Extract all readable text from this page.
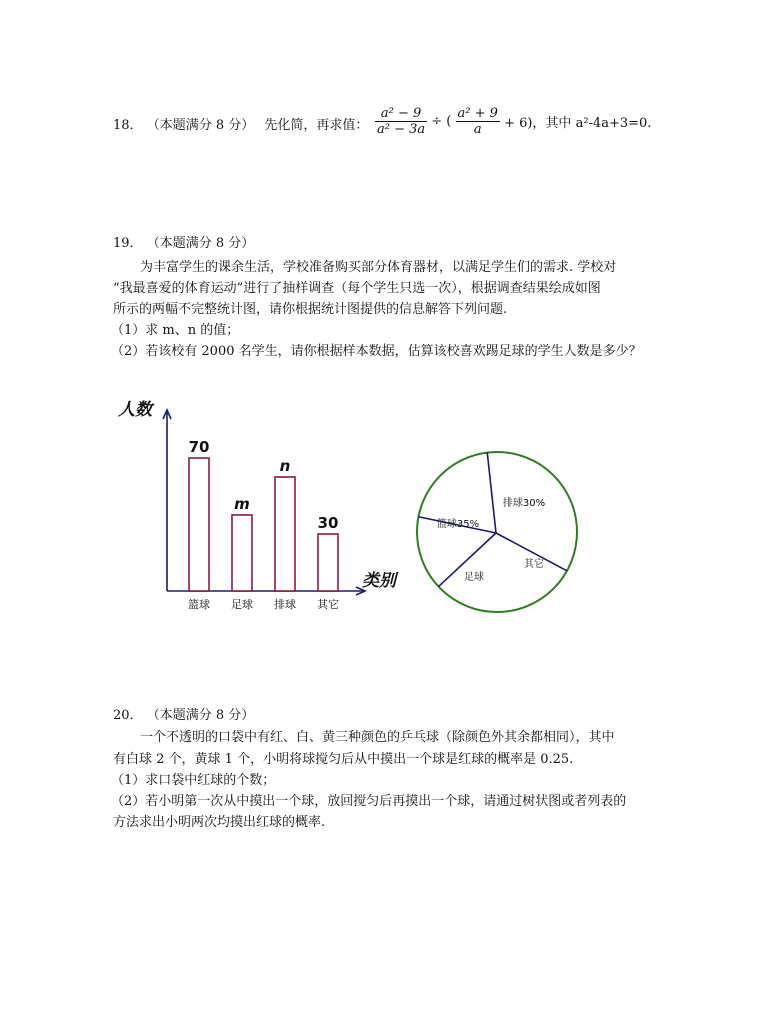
18． （本题满分 8 分） 先化简，再求值： $\frac{\text{a² − 9}}{\text{a² − 3a}}$ ÷ ( $\frac{\text{a² + 9}}{a} + 6$)，其中 a²-4a+3=0.
19． （本题满分 8 分）
为丰富学生的课余生活，学校准备购买部分体育器材，以满足学生们的需求. 学校对
“我最喜爱的体育运动”进行了抽样调查（每个学生只选一次），根据调查结果绘成如图
所示的两幅不完整统计图，请你根据统计图提供的信息解答下列问题.
（1）求 m、n 的值；
（2）若该校有 2000 名学生，请你根据样本数据，估算该校喜欢踢足球的学生人数是多少？
人数
类别
70
篮球
m
足球
n
排球
30
其它
篮球35%
排球30%
其它
足球
20． （本题满分 8 分）
一个不透明的口袋中有红、白、黄三种颜色的乒乓球（除颜色外其余都相同），其中
有白球 2 个，黄球 1 个，小明将球搅匀后从中摸出一个球是红球的概率是 0.25.
（1）求口袋中红球的个数；
（2）若小明第一次从中摸出一个球，放回搅匀后再摸出一个球，请通过树状图或者列表的
方法求出小明两次均摸出红球的概率.
